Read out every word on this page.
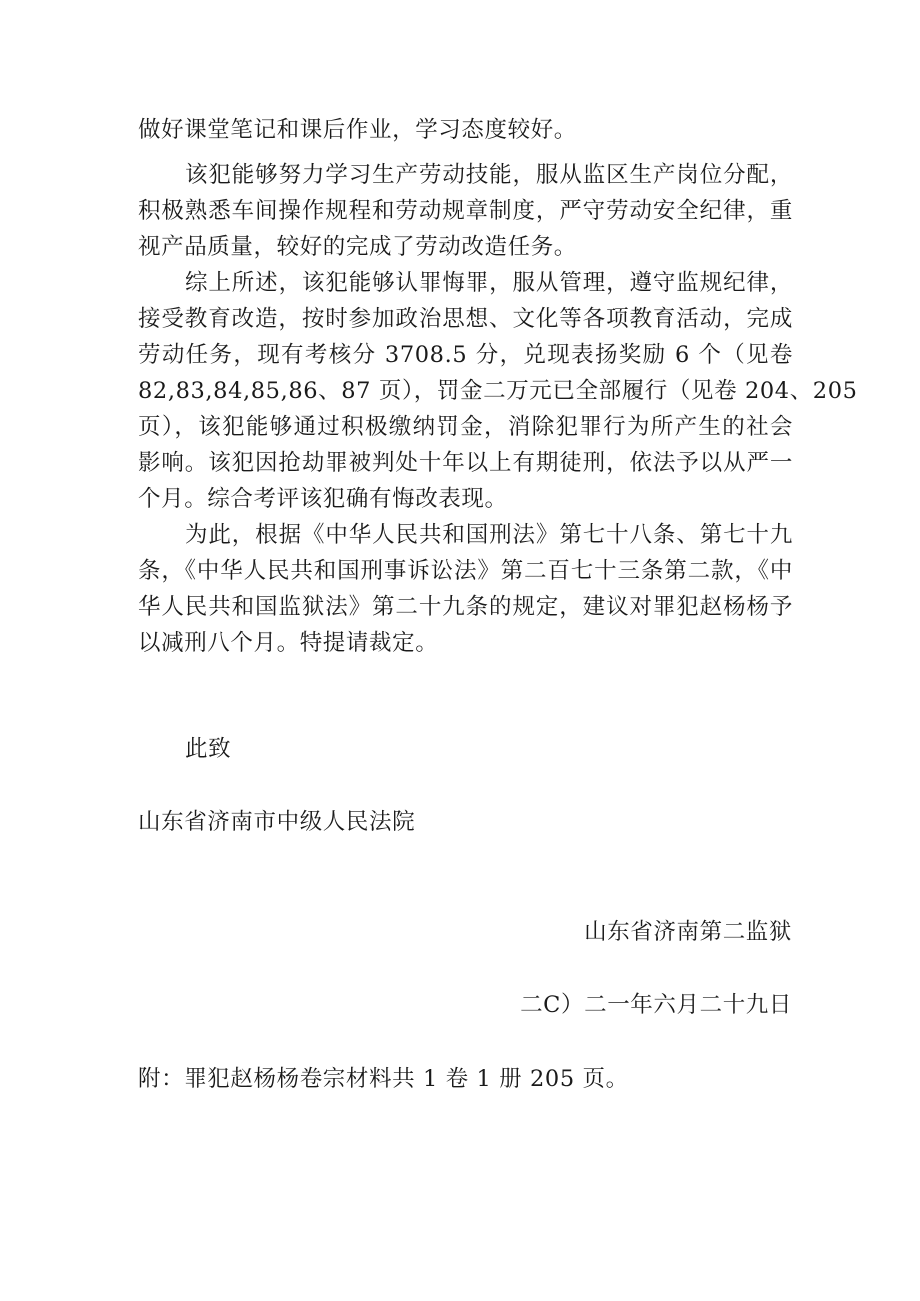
做好课堂笔记和课后作业，学习态度较好。
该犯能够努力学习生产劳动技能，服从监区生产岗位分配，
积极熟悉车间操作规程和劳动规章制度，严守劳动安全纪律，重
视产品质量，较好的完成了劳动改造任务。
综上所述，该犯能够认罪悔罪，服从管理，遵守监规纪律，
接受教育改造，按时参加政治思想、文化等各项教育活动，完成
劳动任务，现有考核分 3708.5 分，兑现表扬奖励 6 个（见卷
82,83,84,85,86、87 页），罚金二万元已全部履行（见卷 204、205
页），该犯能够通过积极缴纳罚金，消除犯罪行为所产生的社会
影响。该犯因抢劫罪被判处十年以上有期徒刑，依法予以从严一
个月。综合考评该犯确有悔改表现。
为此，根据《中华人民共和国刑法》第七十八条、第七十九
条，《中华人民共和国刑事诉讼法》第二百七十三条第二款，《中
华人民共和国监狱法》第二十九条的规定，建议对罪犯赵杨杨予
以减刑八个月。特提请裁定。
此致
山东省济南市中级人民法院
山东省济南第二监狱
二C）二一年六月二十九日
附：罪犯赵杨杨卷宗材料共 1 卷 1 册 205 页。
